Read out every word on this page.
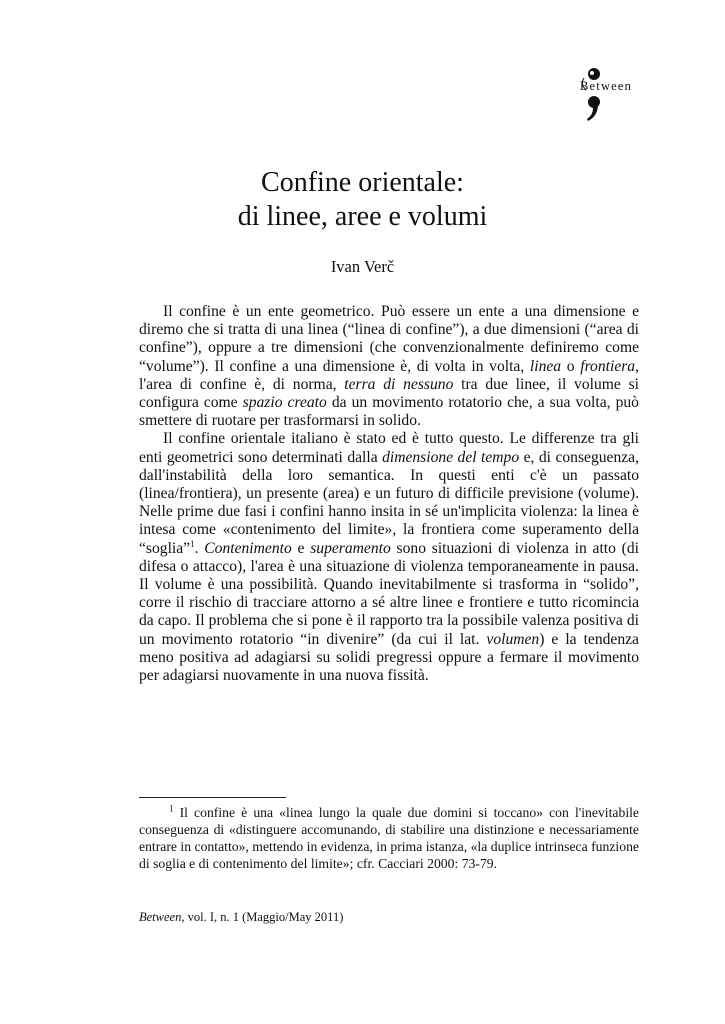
Between
Confine orientale:
di linee, aree e volumi
Ivan Verč

Il confine è un ente geometrico. Può essere un ente a una dimensione e diremo che si tratta di una linea (“linea di confine”), a due dimensioni (“area di confine”), oppure a tre dimensioni (che convenzionalmente definiremo come “volume”). Il confine a una dimensione è, di volta in volta, linea o frontiera, l'area di confine è, di norma, terra di nessuno tra due linee, il volume si configura come spazio creato da un movimento rotatorio che, a sua volta, può smettere di ruotare per trasformarsi in solido.

Il confine orientale italiano è stato ed è tutto questo. Le differenze tra gli enti geometrici sono determinati dalla dimensione del tempo e, di conseguenza, dall'instabilità della loro semantica. In questi enti c'è un passato (linea/frontiera), un presente (area) e un futuro di difficile previsione (volume). Nelle prime due fasi i confini hanno insita in sé un'implicita violenza: la linea è intesa come «contenimento del limite», la frontiera come superamento della “soglia”$^1$. Contenimento e superamento sono situazioni di violenza in atto (di difesa o attacco), l'area è una situazione di violenza temporaneamente in pausa. Il volume è una possibilità. Quando inevitabilmente si trasforma in “solido”, corre il rischio di tracciare attorno a sé altre linee e frontiere e tutto ricomincia da capo. Il problema che si pone è il rapporto tra la possibile valenza positiva di un movimento rotatorio “in divenire” (da cui il lat. volumen) e la tendenza meno positiva ad adagiarsi su solidi pregressi oppure a fermare il movimento per adagiarsi nuovamente in una nuova fissità.

$^1$ Il confine è una «linea lungo la quale due domini si toccano» con l'inevitabile conseguenza di «distinguere accomunando, di stabilire una distinzione e necessariamente entrare in contatto», mettendo in evidenza, in prima istanza, «la duplice intrinseca funzione di soglia e di contenimento del limite»; cfr. Cacciari 2000: 73-79.

Between, vol. I, n. 1 (Maggio/May 2011)
